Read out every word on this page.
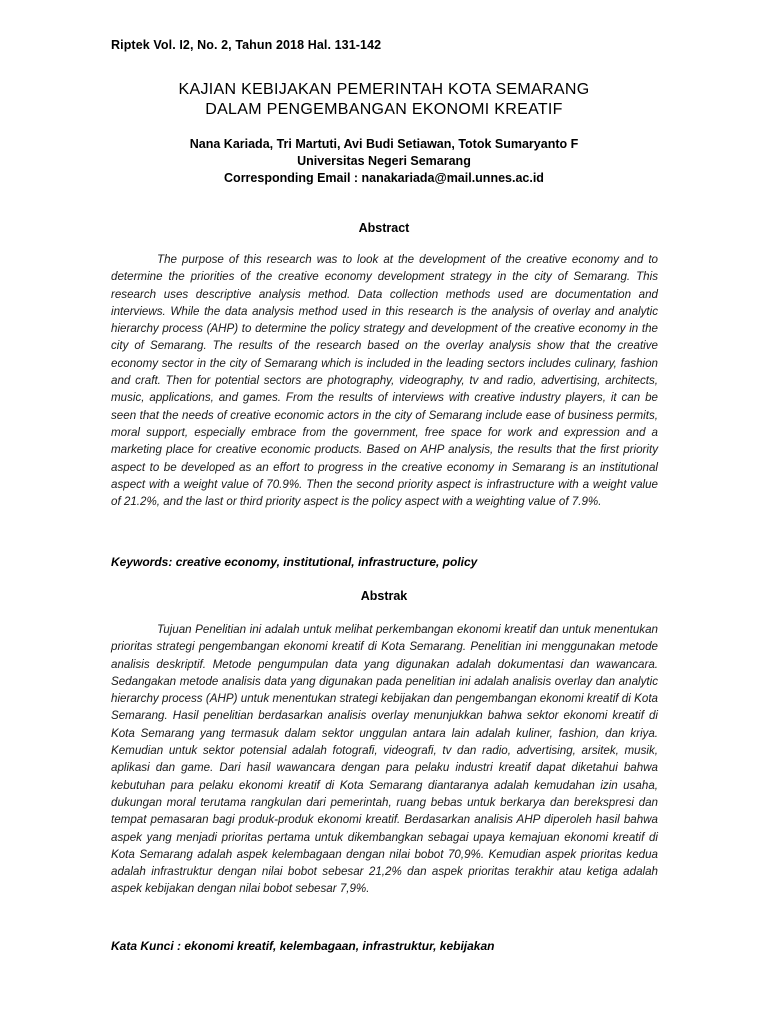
Riptek Vol. I2, No. 2, Tahun 2018 Hal. 131-142
KAJIAN KEBIJAKAN PEMERINTAH KOTA SEMARANG
DALAM PENGEMBANGAN EKONOMI KREATIF
Nana Kariada, Tri Martuti, Avi Budi Setiawan, Totok Sumaryanto F
Universitas Negeri Semarang
Corresponding Email : nanakariada@mail.unnes.ac.id
Abstract

The purpose of this research was to look at the development of the creative economy and to determine the priorities of the creative economy development strategy in the city of Semarang. This research uses descriptive analysis method. Data collection methods used are documentation and interviews. While the data analysis method used in this research is the analysis of overlay and analytic hierarchy process (AHP) to determine the policy strategy and development of the creative economy in the city of Semarang. The results of the research based on the overlay analysis show that the creative economy sector in the city of Semarang which is included in the leading sectors includes culinary, fashion and craft. Then for potential sectors are photography, videography, tv and radio, advertising, architects, music, applications, and games. From the results of interviews with creative industry players, it can be seen that the needs of creative economic actors in the city of Semarang include ease of business permits, moral support, especially embrace from the government, free space for work and expression and a marketing place for creative economic products. Based on AHP analysis, the results that the first priority aspect to be developed as an effort to progress in the creative economy in Semarang is an institutional aspect with a weight value of 70.9%. Then the second priority aspect is infrastructure with a weight value of 21.2%, and the last or third priority aspect is the policy aspect with a weighting value of 7.9%.

Keywords: creative economy, institutional, infrastructure, policy

Abstrak

Tujuan Penelitian ini adalah untuk melihat perkembangan ekonomi kreatif dan untuk menentukan prioritas strategi pengembangan ekonomi kreatif di Kota Semarang. Penelitian ini menggunakan metode analisis deskriptif. Metode pengumpulan data yang digunakan adalah dokumentasi dan wawancara. Sedangakan metode analisis data yang digunakan pada penelitian ini adalah analisis overlay dan analytic hierarchy process (AHP) untuk menentukan strategi kebijakan dan pengembangan ekonomi kreatif di Kota Semarang. Hasil penelitian berdasarkan analisis overlay menunjukkan bahwa sektor ekonomi kreatif di Kota Semarang yang termasuk dalam sektor unggulan antara lain adalah kuliner, fashion, dan kriya. Kemudian untuk sektor potensial adalah fotografi, videografi, tv dan radio, advertising, arsitek, musik, aplikasi dan game. Dari hasil wawancara dengan para pelaku industri kreatif dapat diketahui bahwa kebutuhan para pelaku ekonomi kreatif di Kota Semarang diantaranya adalah kemudahan izin usaha, dukungan moral terutama rangkulan dari pemerintah, ruang bebas untuk berkarya dan berekspresi dan tempat pemasaran bagi produk-produk ekonomi kreatif. Berdasarkan analisis AHP diperoleh hasil bahwa aspek yang menjadi prioritas pertama untuk dikembangkan sebagai upaya kemajuan ekonomi kreatif di Kota Semarang adalah aspek kelembagaan dengan nilai bobot 70,9%. Kemudian aspek prioritas kedua adalah infrastruktur dengan nilai bobot sebesar 21,2% dan aspek prioritas terakhir atau ketiga adalah aspek kebijakan dengan nilai bobot sebesar 7,9%.

Kata Kunci : ekonomi kreatif, kelembagaan, infrastruktur, kebijakan
